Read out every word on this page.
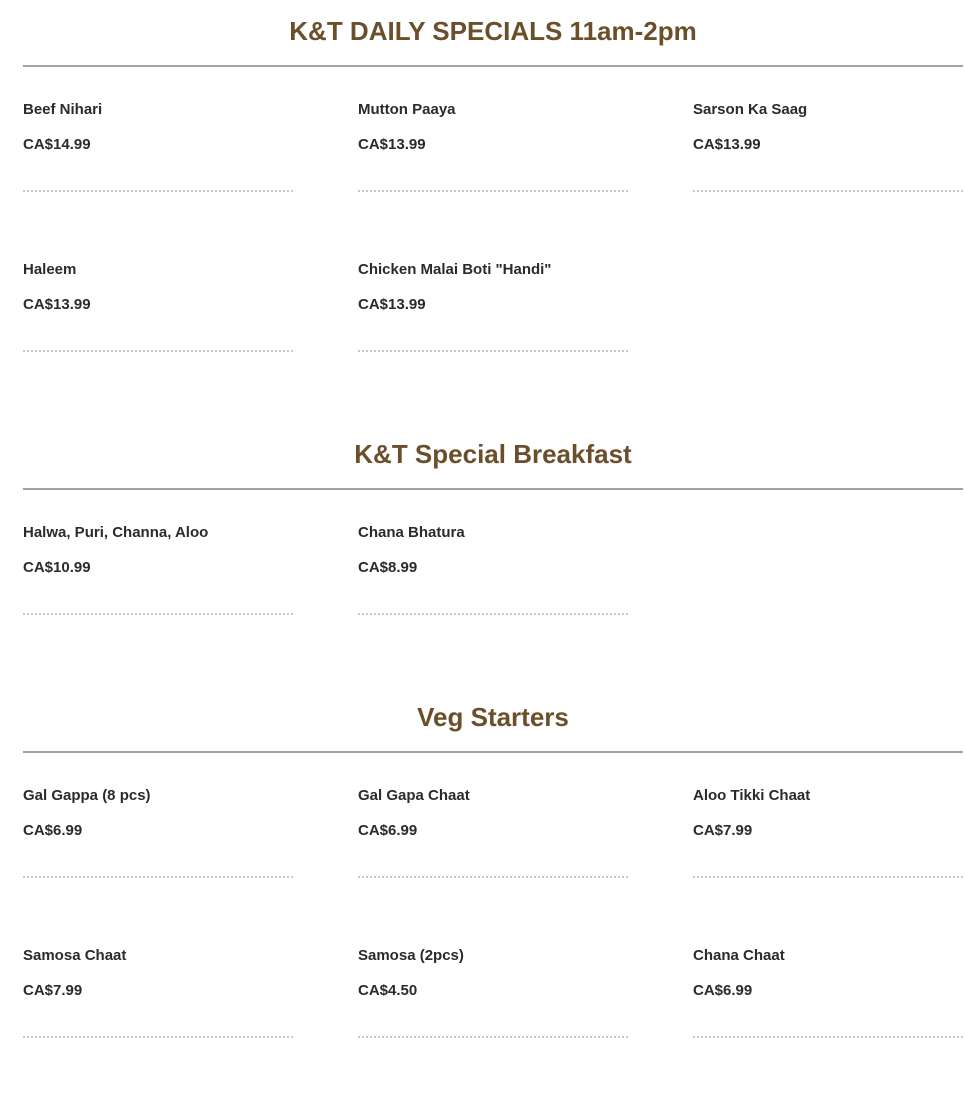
K&T DAILY SPECIALS 11am-2pm
Beef Nihari
CA$14.99
Mutton Paaya
CA$13.99
Sarson Ka Saag
CA$13.99
Haleem
CA$13.99
Chicken Malai Boti "Handi"
CA$13.99
K&T Special Breakfast
Halwa, Puri, Channa, Aloo
CA$10.99
Chana Bhatura
CA$8.99
Veg Starters
Gal Gappa (8 pcs)
CA$6.99
Gal Gapa Chaat
CA$6.99
Aloo Tikki Chaat
CA$7.99
Samosa Chaat
CA$7.99
Samosa (2pcs)
CA$4.50
Chana Chaat
CA$6.99
